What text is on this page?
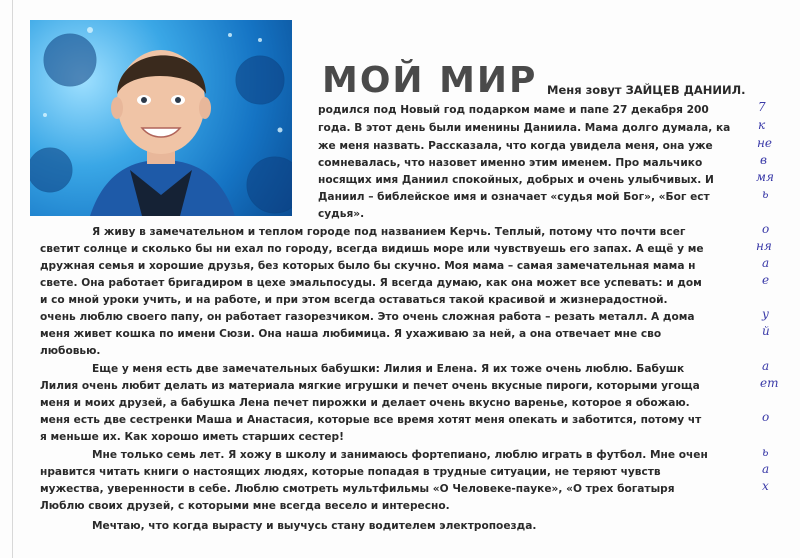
МОЙ МИР Меня зовут ЗАЙЦЕВ ДАНИИЛ.
родился под Новый год подарком маме и папе 27 декабря 200
года. В этот день были именины Даниила. Мама долго думала, ка
же меня назвать. Рассказала, что когда увидела меня, она уже
сомневалась, что назовет именно этим именем. Про мальчико
носящих имя Даниил спокойных, добрых и очень улыбчивых. И
Даниил – библейское имя и означает «судья мой Бог», «Бог ест
судья».
Я живу в замечательном и теплом городе под названием Керчь. Теплый, потому что почти всег
светит солнце и сколько бы ни ехал по городу, всегда видишь море или чувствуешь его запах. А ещё у ме
дружная семья и хорошие друзья, без которых было бы скучно. Моя мама – самая замечательная мама н
свете. Она работает бригадиром в цехе эмальпосуды. Я всегда думаю, как она может все успевать: и дом
и со мной уроки учить, и на работе, и при этом всегда оставаться такой красивой и жизнерадостной.
очень люблю своего папу, он работает газорезчиком. Это очень сложная работа – резать металл. А дома
меня живет кошка по имени Сюзи. Она наша любимица. Я ухаживаю за ней, а она отвечает мне сво
любовью.
Еще у меня есть две замечательных бабушки: Лилия и Елена. Я их тоже очень люблю. Бабушк
Лилия очень любит делать из материала мягкие игрушки и печет очень вкусные пироги, которыми угоща
меня и моих друзей, а бабушка Лена печет пирожки и делает очень вкусно варенье, которое я обожаю.
меня есть две сестренки Маша и Анастасия, которые все время хотят меня опекать и заботится, потому чт
я меньше их. Как хорошо иметь старших сестер!
Мне только семь лет. Я хожу в школу и занимаюсь фортепиано, люблю играть в футбол. Мне очен
нравится читать книги о настоящих людях, которые попадая в трудные ситуации, не теряют чувств
мужества, уверенности в себе. Люблю смотреть мультфильмы «О Человеке-пауке», «О трех богатыря
Люблю своих друзей, с которыми мне всегда весело и интересно.
Мечтаю, что когда вырасту и выучусь стану водителем электропоезда.
7
к
не
в
мя
ь
о
ня
а
е
у
й
а
ет
о
ь
а
х
